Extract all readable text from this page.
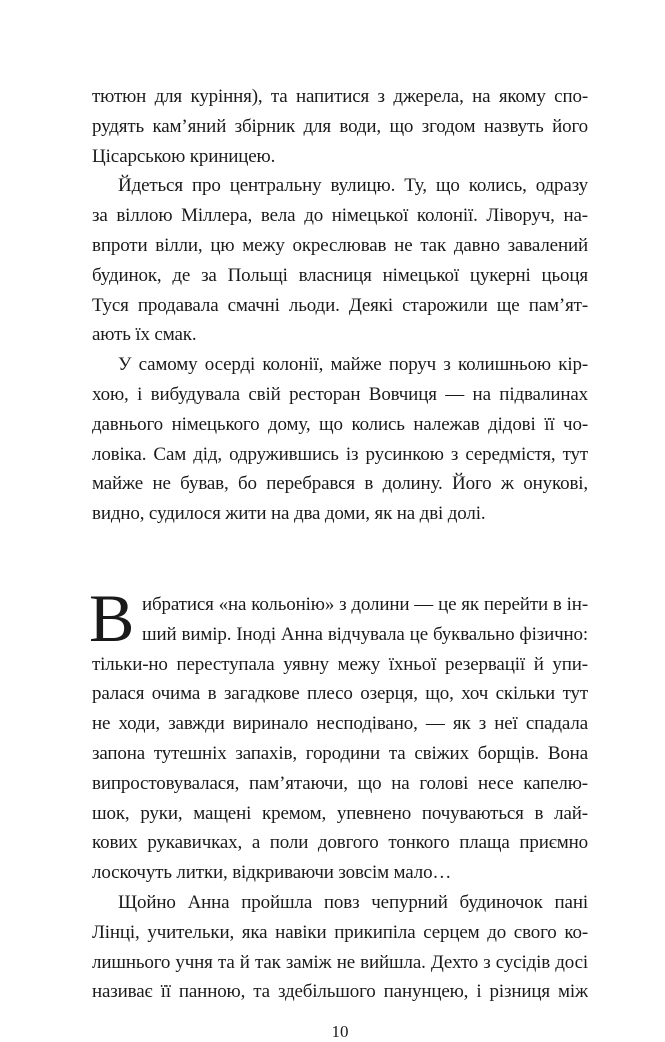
тютюн для куріння), та напитися з джерела, на якому спо-
рудять кам’яний збірник для води, що згодом назвуть його
Цісарською криницею.

Йдеться про центральну вулицю. Ту, що колись, одразу
за віллою Міллера, вела до німецької колонії. Ліворуч, на-
впроти вілли, цю межу окреслював не так давно завалений
будинок, де за Польщі власниця німецької цукерні цьоця
Туся продавала смачні льоди. Деякі старожили ще пам’ят-
ають їх смак.

У самому осерді колонії, майже поруч з колишньою кір-
хою, і вибудувала свій ресторан Вовчиця — на підвалинах
давнього німецького дому, що колись належав дідові її чо-
ловіка. Сам дід, одружившись із русинкою з середмістя, тут
майже не бував, бо перебрався в долину. Його ж онукові,
видно, судилося жити на два доми, як на дві долі.

В ибратися «на кольонію» з долини — це як перейти в ін-
ший вимір. Іноді Анна відчувала це буквально фізично:
тільки-но переступала уявну межу їхньої резервації й упи-
ралася очима в загадкове плесо озерця, що, хоч скільки тут
не ходи, завжди виринало несподівано, — як з неї спадала
запона тутешніх запахів, городини та свіжих борщів. Вона
випростовувалася, пам’ятаючи, що на голові несе капелю-
шок, руки, мащені кремом, упевнено почуваються в лай-
кових рукавичках, а поли довгого тонкого плаща приємно
лоскочуть литки, відкриваючи зовсім мало…

Щойно Анна пройшла повз чепурний будиночок пані
Лінці, учительки, яка навіки прикипіла серцем до свого ко-
лишнього учня та й так заміж не вийшла. Дехто з сусідів досі
називає її панною, та здебільшого панунцею, і різниця між

10
